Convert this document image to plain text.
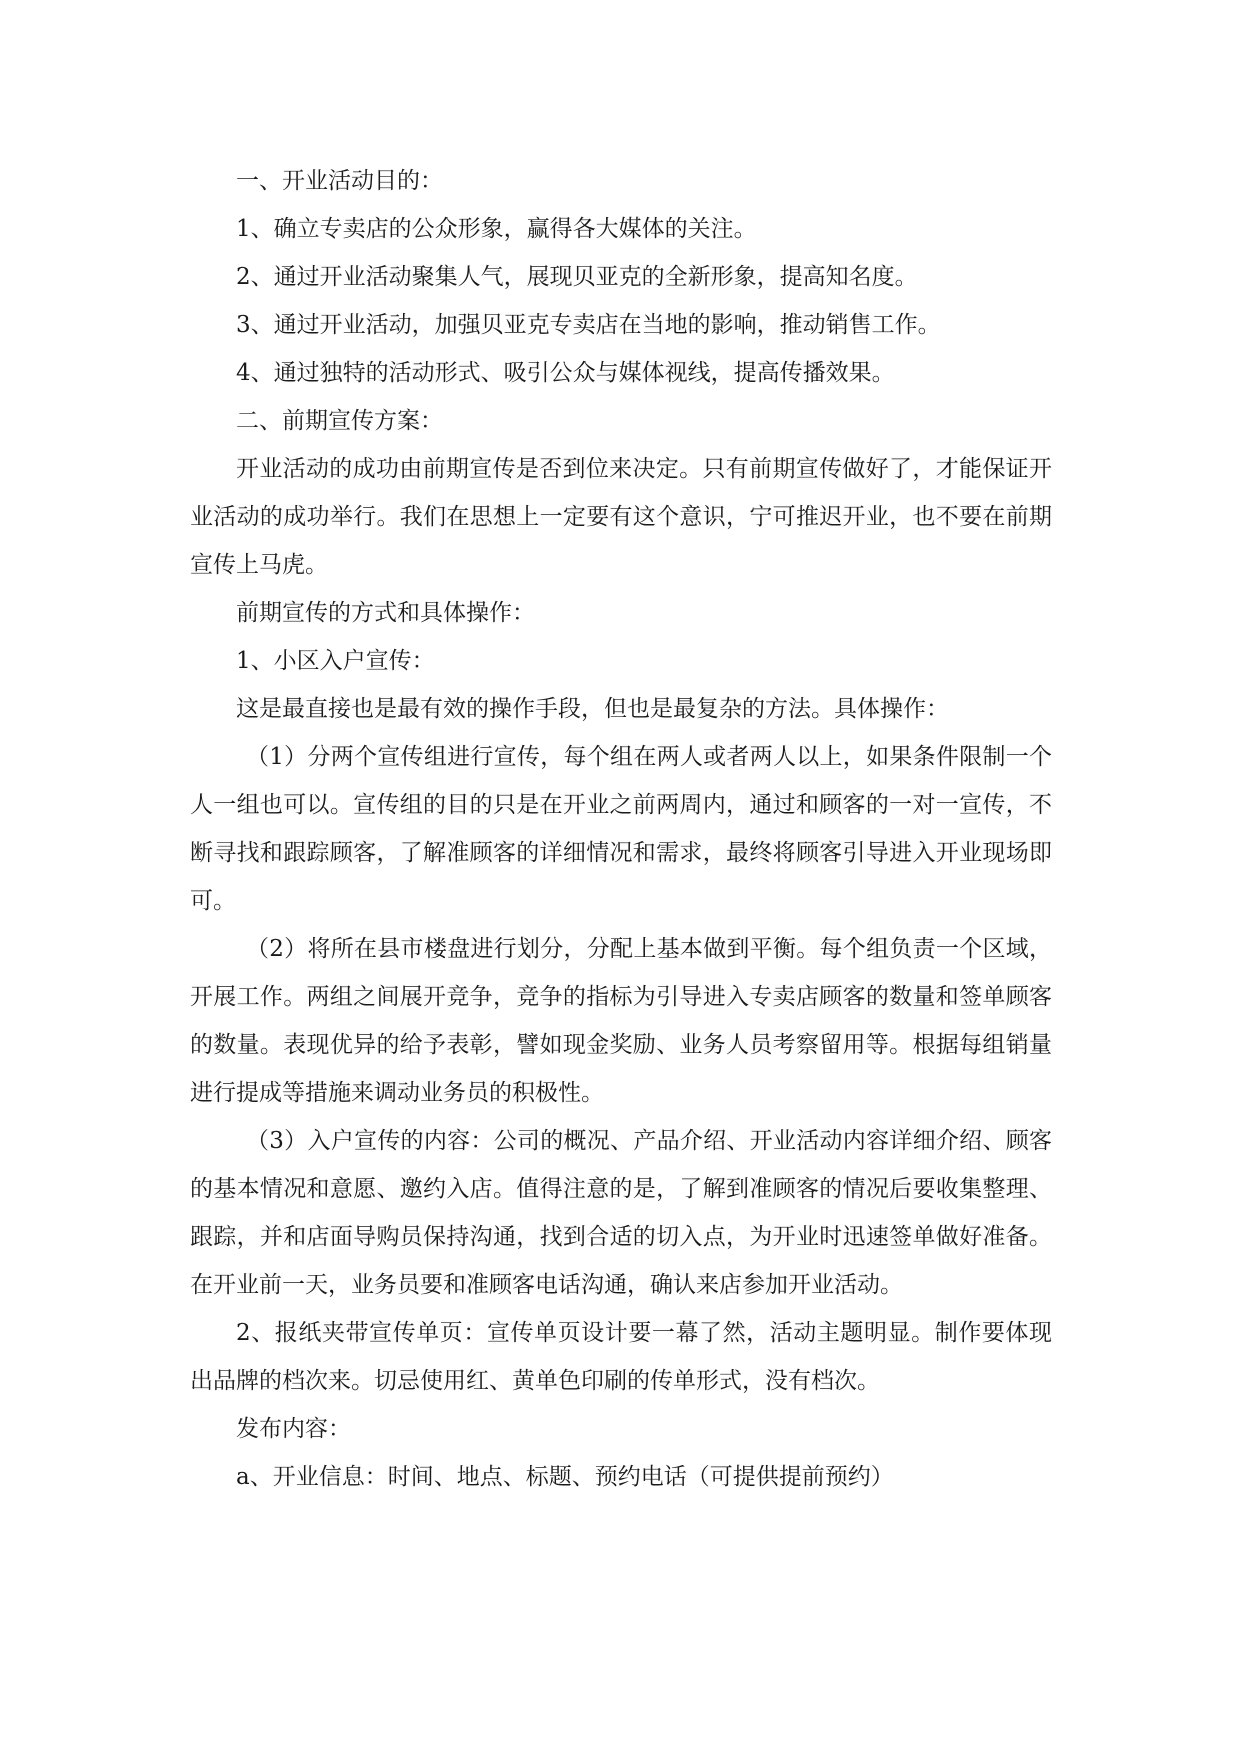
一、开业活动目的：

1、确立专卖店的公众形象，赢得各大媒体的关注。

2、通过开业活动聚集人气，展现贝亚克的全新形象，提高知名度。

3、通过开业活动，加强贝亚克专卖店在当地的影响，推动销售工作。

4、通过独特的活动形式、吸引公众与媒体视线，提高传播效果。

二、前期宣传方案：

开业活动的成功由前期宣传是否到位来决定。只有前期宣传做好了，才能保证开业活动的成功举行。我们在思想上一定要有这个意识，宁可推迟开业，也不要在前期宣传上马虎。

前期宣传的方式和具体操作：

1、小区入户宣传：

这是最直接也是最有效的操作手段，但也是最复杂的方法。具体操作：

（1）分两个宣传组进行宣传，每个组在两人或者两人以上，如果条件限制一个人一组也可以。宣传组的目的只是在开业之前两周内，通过和顾客的一对一宣传，不断寻找和跟踪顾客，了解准顾客的详细情况和需求，最终将顾客引导进入开业现场即可。

（2）将所在县市楼盘进行划分，分配上基本做到平衡。每个组负责一个区域，开展工作。两组之间展开竞争，竞争的指标为引导进入专卖店顾客的数量和签单顾客的数量。表现优异的给予表彰，譬如现金奖励、业务人员考察留用等。根据每组销量进行提成等措施来调动业务员的积极性。

（3）入户宣传的内容：公司的概况、产品介绍、开业活动内容详细介绍、顾客的基本情况和意愿、邀约入店。值得注意的是，了解到准顾客的情况后要收集整理、跟踪，并和店面导购员保持沟通，找到合适的切入点，为开业时迅速签单做好准备。在开业前一天，业务员要和准顾客电话沟通，确认来店参加开业活动。

2、报纸夹带宣传单页：宣传单页设计要一幕了然，活动主题明显。制作要体现出品牌的档次来。切忌使用红、黄单色印刷的传单形式，没有档次。

发布内容：

a、开业信息：时间、地点、标题、预约电话（可提供提前预约）
